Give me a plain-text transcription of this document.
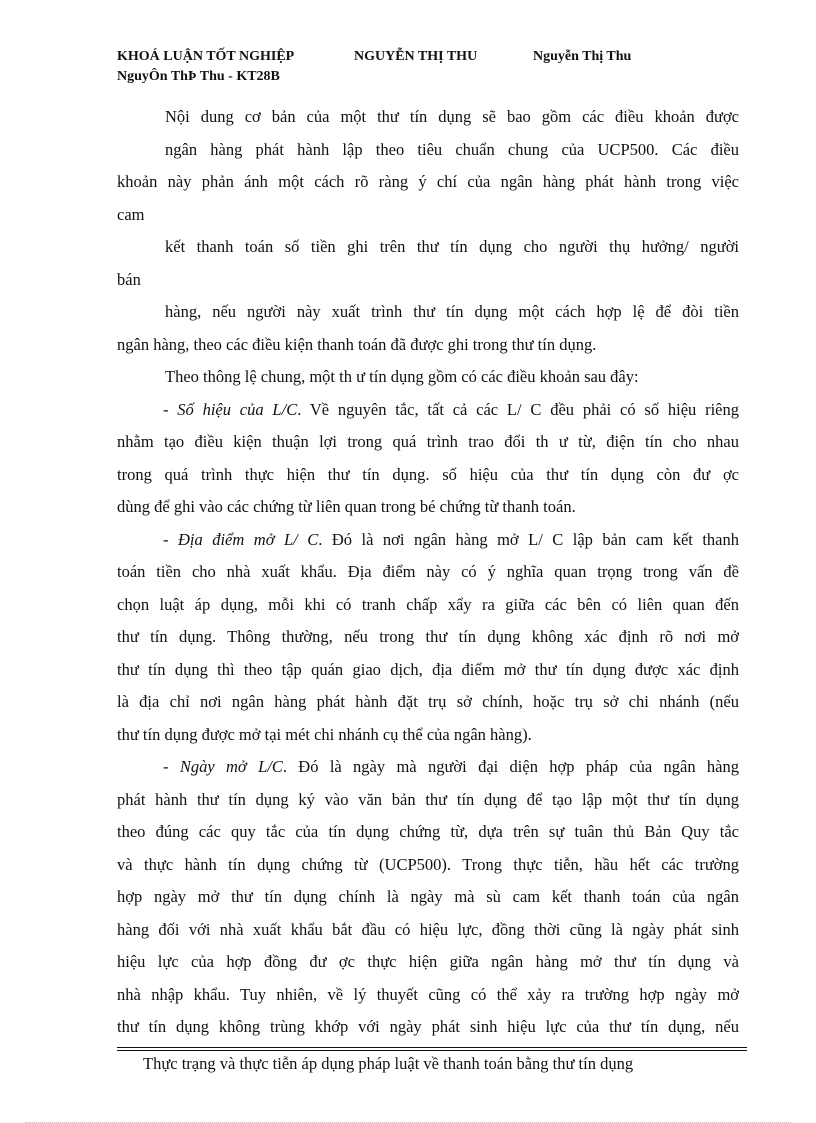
KHOÁ LUẬN TỐT NGHIỆP	NGUYỄN THỊ THU	Nguyễn Thị Thu
NguyÔn ThÞ Thu - KT28B
Nội dung cơ bản của một thư tín dụng sẽ bao gồm các điều khoản được
ngân hàng phát hành lập theo tiêu chuẩn chung của UCP500. Các điều
khoản này phản ánh một cách rõ ràng ý chí của ngân hàng phát hành trong việc
cam
kết thanh toán số tiền ghi trên thư tín dụng cho người thụ hưởng/ người
bán
hàng, nếu người này xuất trình thư tín dụng một cách hợp lệ để đòi tiền
ngân hàng, theo các điều kiện thanh toán đã được ghi trong thư tín dụng.
Theo thông lệ chung, một th ư tín dụng gồm có các điều khoản sau đây:
- Số hiệu của L/C. Về nguyên tắc, tất cả các L/ C đều phải có số hiệu riêng
nhằm tạo điều kiện thuận lợi trong quá trình trao đổi th ư từ, điện tín cho nhau
trong quá trình thực hiện thư tín dụng. số hiệu của thư tín dụng còn đư ợc
dùng để ghi vào các chứng từ liên quan trong bé chứng từ thanh toán.
- Địa điểm mở L/ C. Đó là nơi ngân hàng mở L/ C lập bản cam kết thanh
toán tiền cho nhà xuất khẩu. Địa điểm này có ý nghĩa quan trọng trong vấn đề
chọn luật áp dụng, mỗi khi có tranh chấp xẩy ra giữa các bên có liên quan đến
thư tín dụng. Thông thường, nếu trong thư tín dụng không xác định rõ nơi mở
thư tín dụng thì theo tập quán giao dịch, địa điểm mở thư tín dụng được xác định
là địa chỉ nơi ngân hàng phát hành đặt trụ sở chính, hoặc trụ sở chi nhánh (nếu
thư tín dụng được mở tại mét chi nhánh cụ thể của ngân hàng).
- Ngày mở L/C. Đó là ngày mà người đại diện hợp pháp của ngân hàng
phát hành thư tín dụng ký vào văn bản thư tín dụng để tạo lập một thư tín dụng
theo đúng các quy tắc của tín dụng chứng từ, dựa trên sự tuân thủ Bản Quy tắc
và thực hành tín dụng chứng từ (UCP500). Trong thực tiễn, hầu hết các trường
hợp ngày mở thư tín dụng chính là ngày mà sù cam kết thanh toán của ngân
hàng đối với nhà xuất khẩu bắt đầu có hiệu lực, đồng thời cũng là ngày phát sinh
hiệu lực của hợp đồng đư ợc thực hiện giữa ngân hàng mở thư tín dụng và
nhà nhập khẩu. Tuy nhiên, về lý thuyết cũng có thể xảy ra trường hợp ngày mở
thư tín dụng không trùng khớp với ngày phát sinh hiệu lực của thư tín dụng, nếu
Thực trạng và thực tiễn áp dụng pháp luật về thanh toán bằng thư tín dụng
